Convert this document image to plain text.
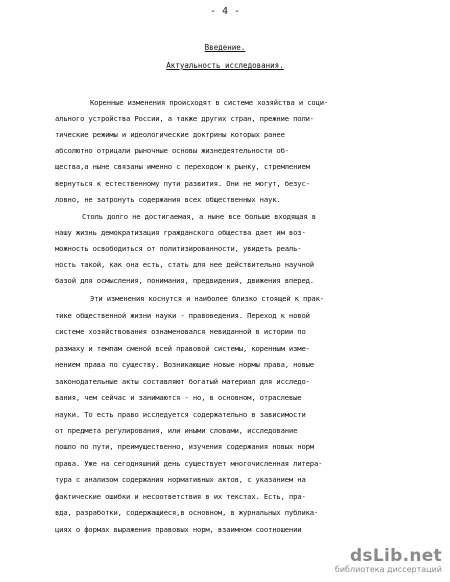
- 4 -
Введение.
Актуальность исследования.
Коренные изменения происходят в системе хозяйства и соци-
ального устройства России, а также других стран, прежние поли-
тические режимы и идеологические доктрины которых ранее
абсолютно отрицали рыночные основы жизнедеятельности об-
щества,а ныне связаны именно с переходом к рынку, стремлением
вернуться к естественному пути развития. Они не могут, безус-
ловно, не затронуть содержания всех общественных наук.
Столь долго не достигаемая, а ныне все больше входящая в
нашу жизнь демократизация гражданского общества дает им воз-
можность освободиться от политизированности, увидеть реаль-
ность такой, как она есть, стать для нее действительно научной
базой для осмысления, понимания, предвидения, движения вперед.
Эти изменения коснутся и наиболее близко стоящей к прак-
тике общественной жизни науки - правоведения. Переход к новой
системе хозяйствования ознаменовался невиданной в истории по
размаху и темпам сменой всей правовой системы, коренным изме-
нением права по существу. Возникающие новые нормы права, новые
законодательные акты составляют богатый материал для исследо-
вания, чем сейчас и занимаются - но, в основном, отраслевые
науки. То есть право исследуется содержательно в зависимости
от предмета регулирования, или иными словами, исследование
пошло по пути, преимущественно, изучения содержания новых норм
права. Уже на сегодняшний день существует многочисленная литера-
тура с анализом содержания нормативных актов, с указанием на
фактические ошибки и несоответствия в их текстах. Есть, пра-
вда, разработки, содержащиеся,в основном, в журнальных публика-
циях о формах выражения правовых норм, взаимном соотношении
dsLib.net
библиотека диссертаций
